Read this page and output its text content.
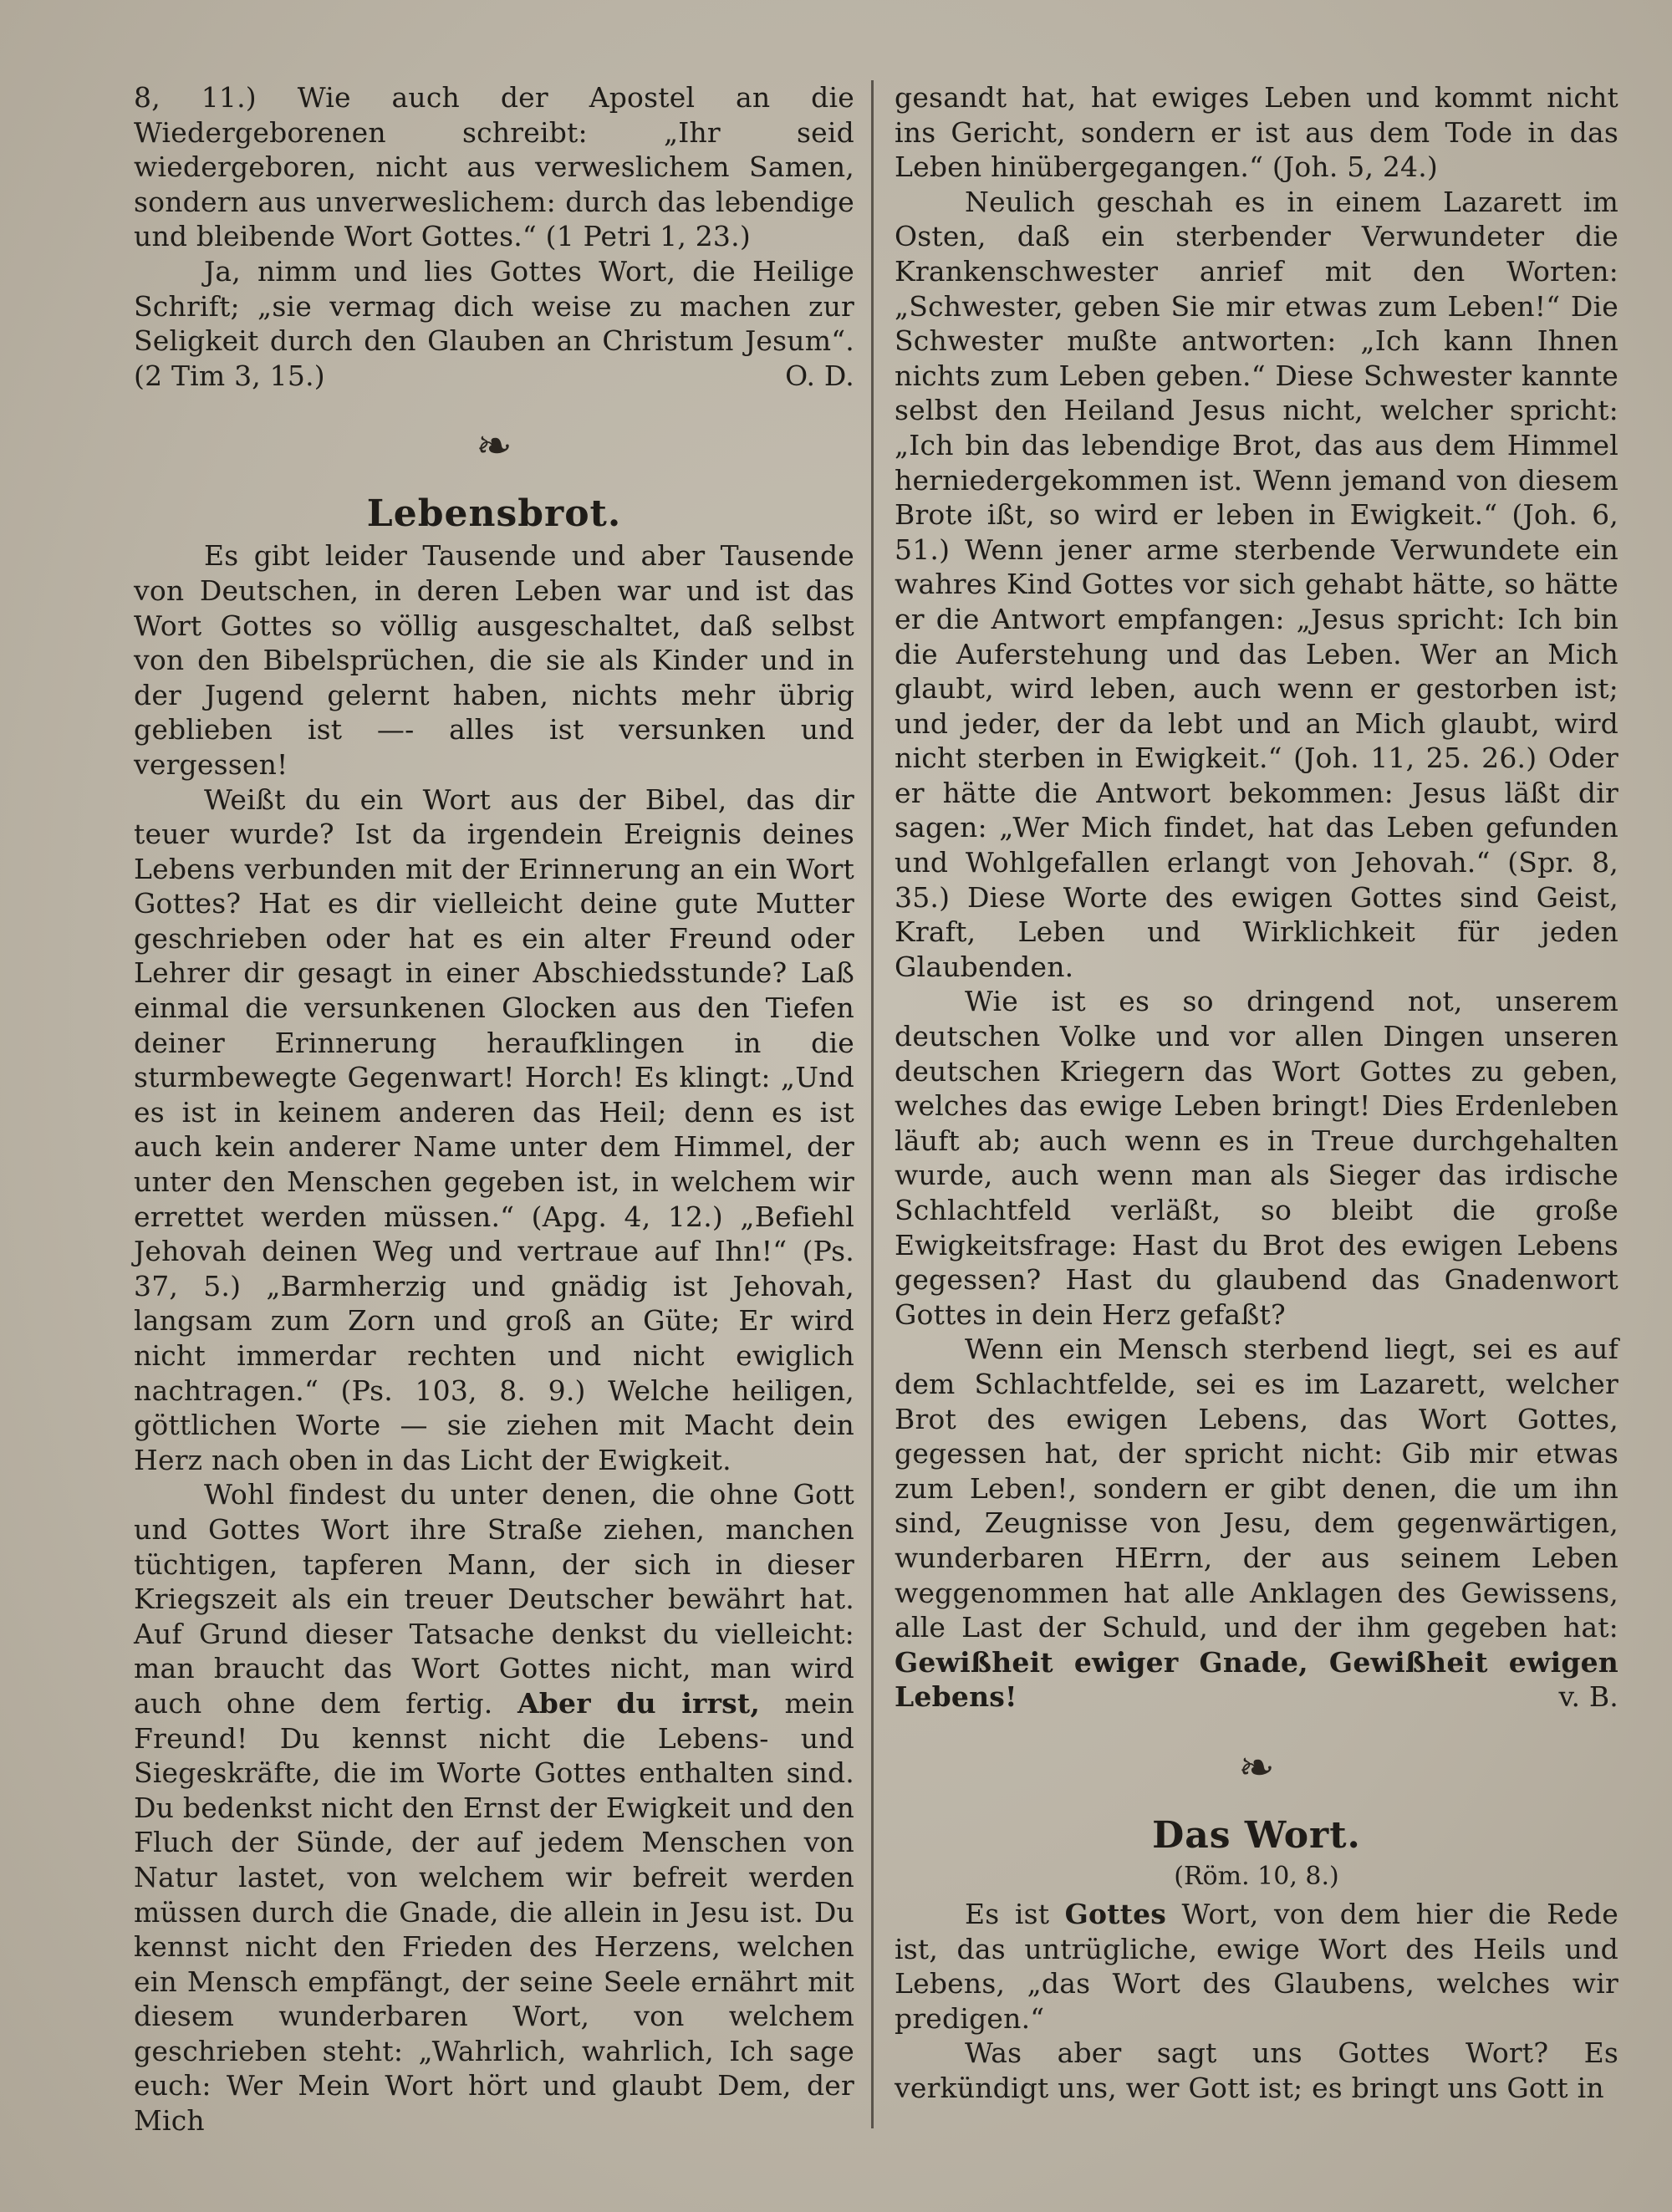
8, 11.) Wie auch der Apostel an die Wiedergeborenen schreibt: „Ihr seid wiedergeboren, nicht aus verweslichem Samen, sondern aus unverweslichem: durch das lebendige und bleibende Wort Gottes.“ (1 Petri 1, 23.)

Ja, nimm und lies Gottes Wort, die Heilige Schrift; „sie vermag dich weise zu machen zur Seligkeit durch den Glauben an Christum Jesum“. (2 Tim 3, 15.)	O. D.

❧
Lebensbrot.

Es gibt leider Tausende und aber Tausende von Deutschen, in deren Leben war und ist das Wort Gottes so völlig ausgeschaltet, daß selbst von den Bibelsprüchen, die sie als Kinder und in der Jugend gelernt haben, nichts mehr übrig geblieben ist —- alles ist versunken und vergessen!

Weißt du ein Wort aus der Bibel, das dir teuer wurde? Ist da irgendein Ereignis deines Lebens verbunden mit der Erinnerung an ein Wort Gottes? Hat es dir vielleicht deine gute Mutter geschrieben oder hat es ein alter Freund oder Lehrer dir gesagt in einer Abschiedsstunde? Laß einmal die versunkenen Glocken aus den Tiefen deiner Erinnerung heraufklingen in die sturmbewegte Gegenwart! Horch! Es klingt: „Und es ist in keinem anderen das Heil; denn es ist auch kein anderer Name unter dem Himmel, der unter den Menschen gegeben ist, in welchem wir errettet werden müssen.“ (Apg. 4, 12.) „Befiehl Jehovah deinen Weg und vertraue auf Ihn!“ (Ps. 37, 5.) „Barmherzig und gnädig ist Jehovah, langsam zum Zorn und groß an Güte; Er wird nicht immerdar rechten und nicht ewiglich nachtragen.“ (Ps. 103, 8. 9.) Welche heiligen, göttlichen Worte — sie ziehen mit Macht dein Herz nach oben in das Licht der Ewigkeit.

Wohl findest du unter denen, die ohne Gott und Gottes Wort ihre Straße ziehen, manchen tüchtigen, tapferen Mann, der sich in dieser Kriegszeit als ein treuer Deutscher bewährt hat. Auf Grund dieser Tatsache denkst du vielleicht: man braucht das Wort Gottes nicht, man wird auch ohne dem fertig. Aber du irrst, mein Freund! Du kennst nicht die Lebens- und Siegeskräfte, die im Worte Gottes enthalten sind. Du bedenkst nicht den Ernst der Ewigkeit und den Fluch der Sünde, der auf jedem Menschen von Natur lastet, von welchem wir befreit werden müssen durch die Gnade, die allein in Jesu ist. Du kennst nicht den Frieden des Herzens, welchen ein Mensch empfängt, der seine Seele ernährt mit diesem wunderbaren Wort, von welchem geschrieben steht: „Wahrlich, wahrlich, Ich sage euch: Wer Mein Wort hört und glaubt Dem, der Mich

gesandt hat, hat ewiges Leben und kommt nicht ins Gericht, sondern er ist aus dem Tode in das Leben hinübergegangen.“ (Joh. 5, 24.)

Neulich geschah es in einem Lazarett im Osten, daß ein sterbender Verwundeter die Krankenschwester anrief mit den Worten: „Schwester, geben Sie mir etwas zum Leben!“ Die Schwester mußte antworten: „Ich kann Ihnen nichts zum Leben geben.“ Diese Schwester kannte selbst den Heiland Jesus nicht, welcher spricht: „Ich bin das lebendige Brot, das aus dem Himmel herniedergekommen ist. Wenn jemand von diesem Brote ißt, so wird er leben in Ewigkeit.“ (Joh. 6, 51.) Wenn jener arme sterbende Verwundete ein wahres Kind Gottes vor sich gehabt hätte, so hätte er die Antwort empfangen: „Jesus spricht: Ich bin die Auferstehung und das Leben. Wer an Mich glaubt, wird leben, auch wenn er gestorben ist; und jeder, der da lebt und an Mich glaubt, wird nicht sterben in Ewigkeit.“ (Joh. 11, 25. 26.) Oder er hätte die Antwort bekommen: Jesus läßt dir sagen: „Wer Mich findet, hat das Leben gefunden und Wohlgefallen erlangt von Jehovah.“ (Spr. 8, 35.) Diese Worte des ewigen Gottes sind Geist, Kraft, Leben und Wirklichkeit für jeden Glaubenden.

Wie ist es so dringend not, unserem deutschen Volke und vor allen Dingen unseren deutschen Kriegern das Wort Gottes zu geben, welches das ewige Leben bringt! Dies Erdenleben läuft ab; auch wenn es in Treue durchgehalten wurde, auch wenn man als Sieger das irdische Schlachtfeld verläßt, so bleibt die große Ewigkeitsfrage: Hast du Brot des ewigen Lebens gegessen? Hast du glaubend das Gnadenwort Gottes in dein Herz gefaßt?

Wenn ein Mensch sterbend liegt, sei es auf dem Schlachtfelde, sei es im Lazarett, welcher Brot des ewigen Lebens, das Wort Gottes, gegessen hat, der spricht nicht: Gib mir etwas zum Leben!, sondern er gibt denen, die um ihn sind, Zeugnisse von Jesu, dem gegenwärtigen, wunderbaren HErrn, der aus seinem Leben weggenommen hat alle Anklagen des Gewissens, alle Last der Schuld, und der ihm gegeben hat: Gewißheit ewiger Gnade, Gewißheit ewigen Lebens!	v. B.

❧
Das Wort.
(Röm. 10, 8.)

Es ist Gottes Wort, von dem hier die Rede ist, das untrügliche, ewige Wort des Heils und Lebens, „das Wort des Glaubens, welches wir predigen.“

Was aber sagt uns Gottes Wort? Es verkündigt uns, wer Gott ist; es bringt uns Gott in
